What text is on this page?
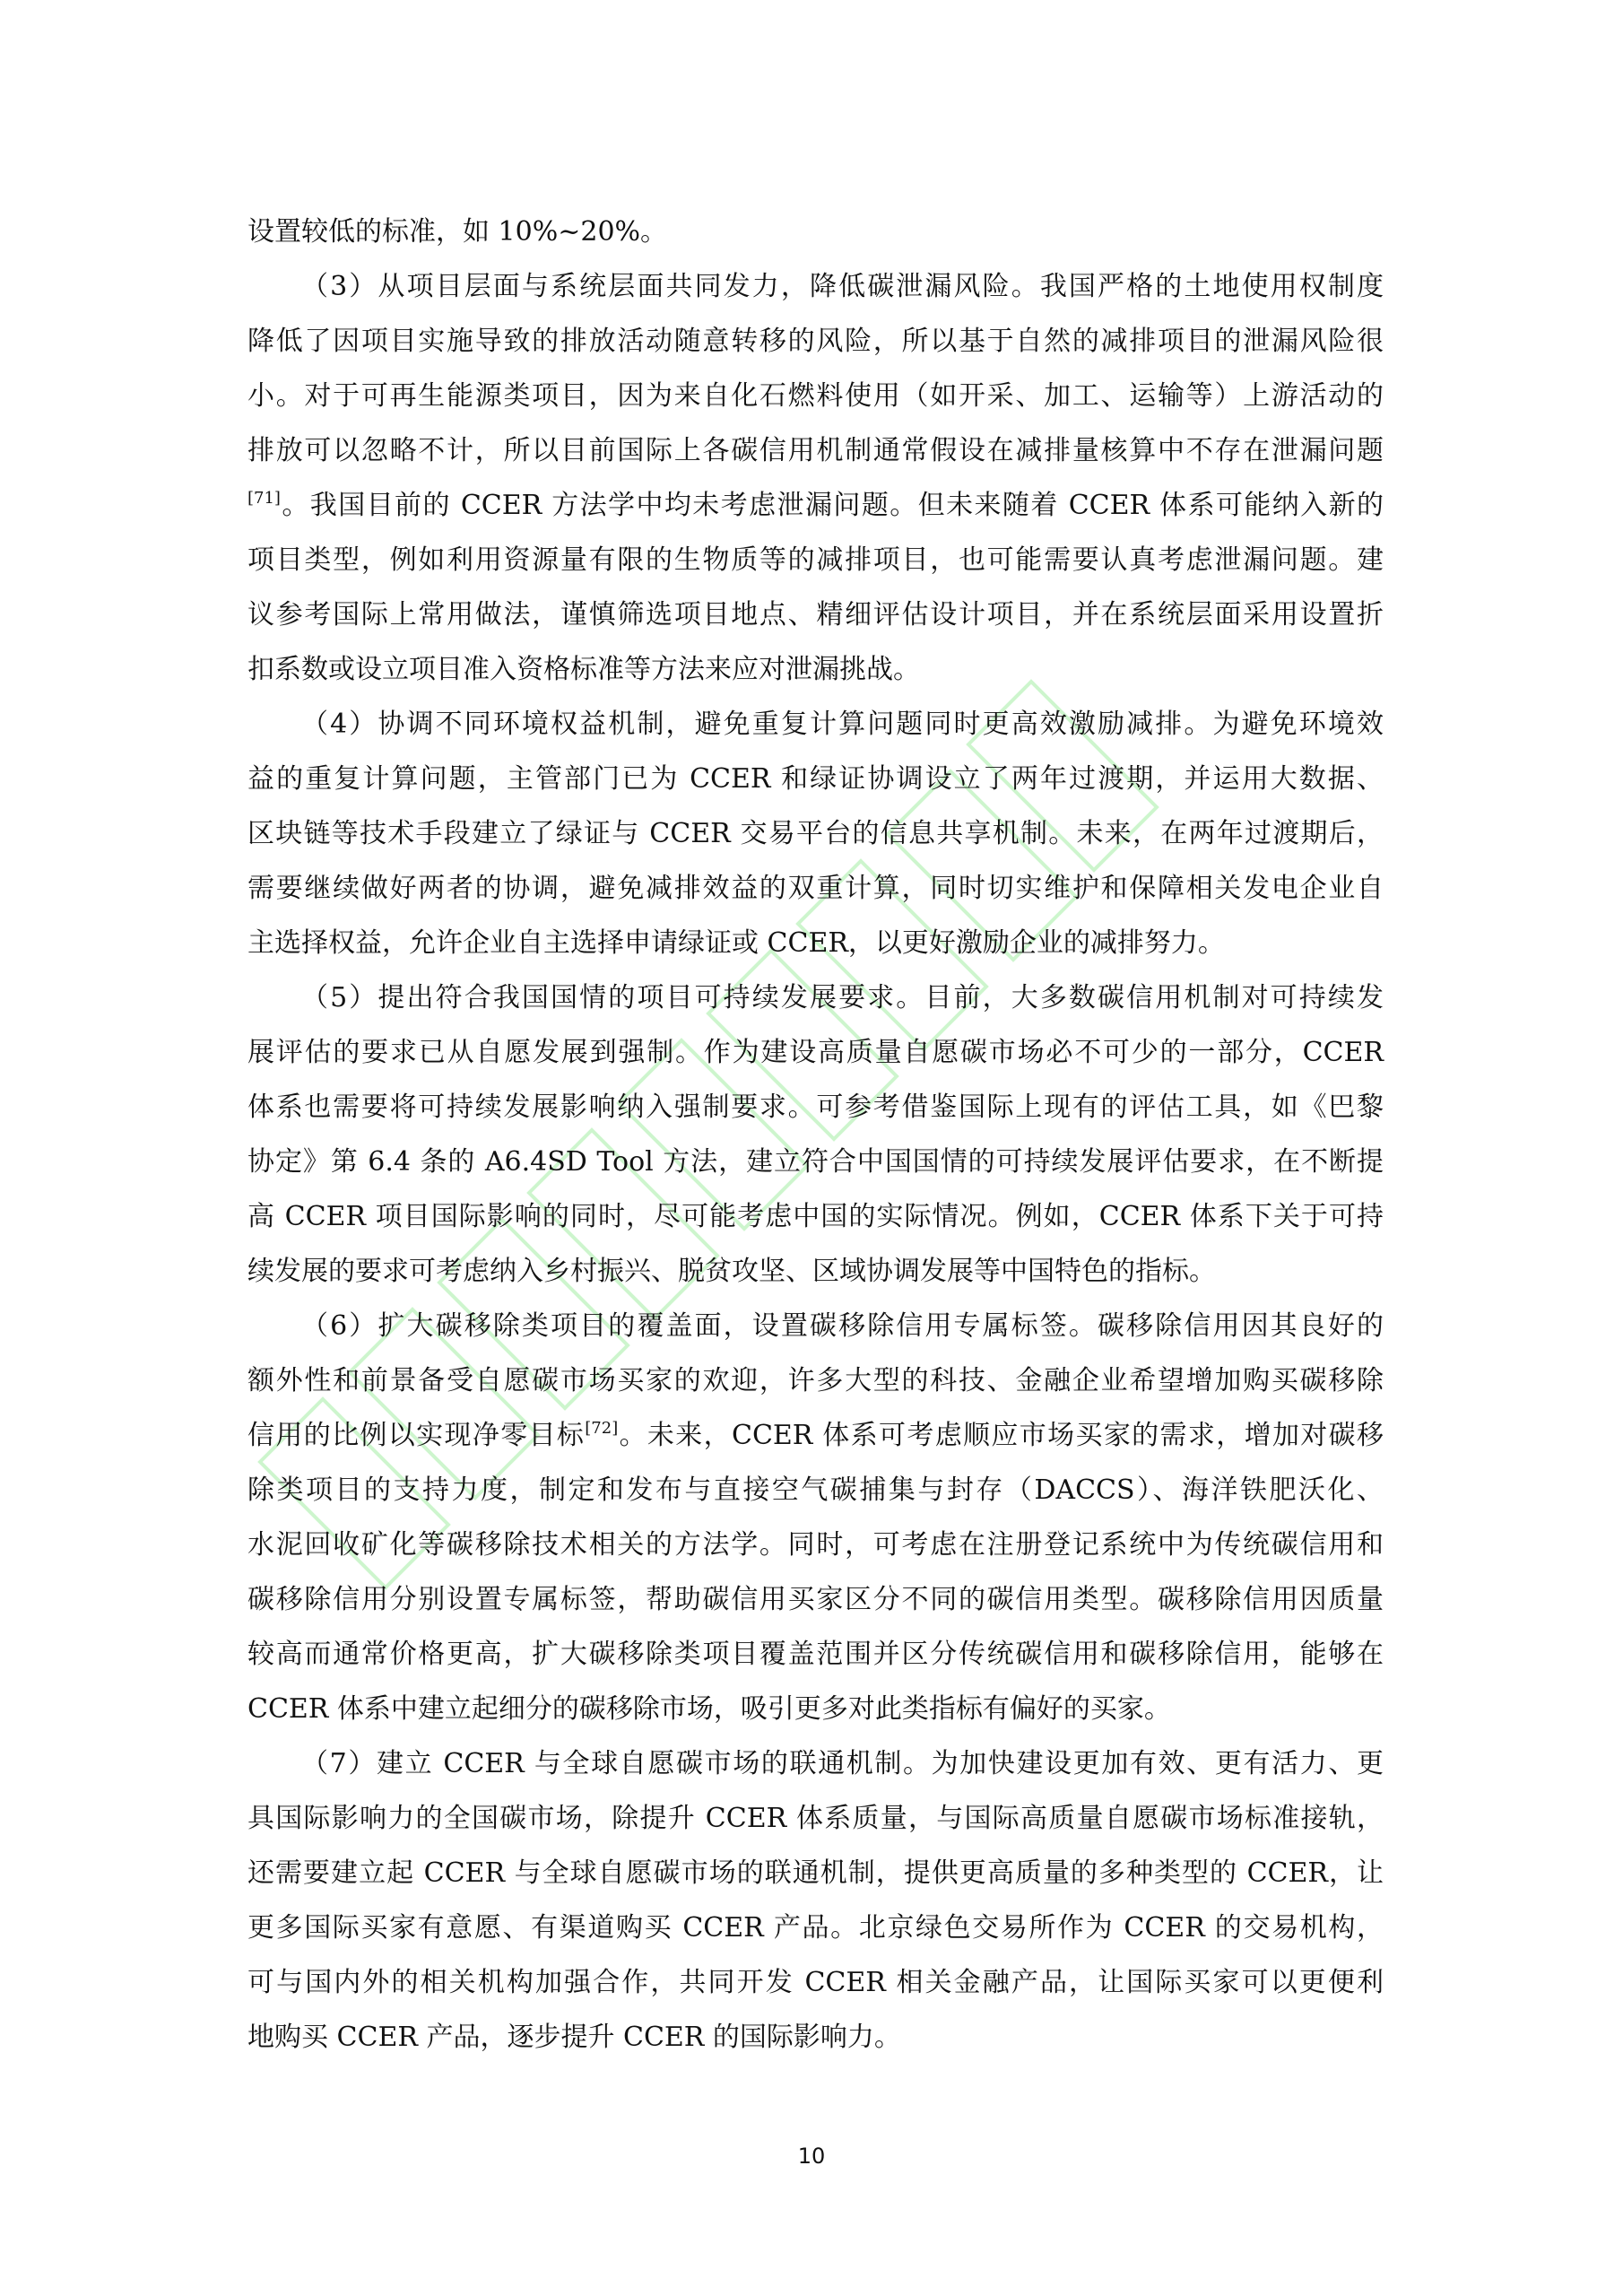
设置较低的标准，如 10%~20%。
（3）从项目层面与系统层面共同发力，降低碳泄漏风险。我国严格的土地使用权制度
降低了因项目实施导致的排放活动随意转移的风险，所以基于自然的减排项目的泄漏风险很
小。对于可再生能源类项目，因为来自化石燃料使用（如开采、加工、运输等）上游活动的
排放可以忽略不计，所以目前国际上各碳信用机制通常假设在减排量核算中不存在泄漏问题
[71]。我国目前的 CCER 方法学中均未考虑泄漏问题。但未来随着 CCER 体系可能纳入新的
项目类型，例如利用资源量有限的生物质等的减排项目，也可能需要认真考虑泄漏问题。建
议参考国际上常用做法，谨慎筛选项目地点、精细评估设计项目，并在系统层面采用设置折
扣系数或设立项目准入资格标准等方法来应对泄漏挑战。
（4）协调不同环境权益机制，避免重复计算问题同时更高效激励减排。为避免环境效
益的重复计算问题，主管部门已为 CCER 和绿证协调设立了两年过渡期，并运用大数据、
区块链等技术手段建立了绿证与 CCER 交易平台的信息共享机制。未来，在两年过渡期后，
需要继续做好两者的协调，避免减排效益的双重计算，同时切实维护和保障相关发电企业自
主选择权益，允许企业自主选择申请绿证或 CCER，以更好激励企业的减排努力。
（5）提出符合我国国情的项目可持续发展要求。目前，大多数碳信用机制对可持续发
展评估的要求已从自愿发展到强制。作为建设高质量自愿碳市场必不可少的一部分，CCER
体系也需要将可持续发展影响纳入强制要求。可参考借鉴国际上现有的评估工具，如《巴黎
协定》第 6.4 条的 A6.4SD Tool 方法，建立符合中国国情的可持续发展评估要求，在不断提
高 CCER 项目国际影响的同时，尽可能考虑中国的实际情况。例如，CCER 体系下关于可持
续发展的要求可考虑纳入乡村振兴、脱贫攻坚、区域协调发展等中国特色的指标。
（6）扩大碳移除类项目的覆盖面，设置碳移除信用专属标签。碳移除信用因其良好的
额外性和前景备受自愿碳市场买家的欢迎，许多大型的科技、金融企业希望增加购买碳移除
信用的比例以实现净零目标[72]。未来，CCER 体系可考虑顺应市场买家的需求，增加对碳移
除类项目的支持力度，制定和发布与直接空气碳捕集与封存（DACCS）、海洋铁肥沃化、
水泥回收矿化等碳移除技术相关的方法学。同时，可考虑在注册登记系统中为传统碳信用和
碳移除信用分别设置专属标签，帮助碳信用买家区分不同的碳信用类型。碳移除信用因质量
较高而通常价格更高，扩大碳移除类项目覆盖范围并区分传统碳信用和碳移除信用，能够在
CCER 体系中建立起细分的碳移除市场，吸引更多对此类指标有偏好的买家。
（7）建立 CCER 与全球自愿碳市场的联通机制。为加快建设更加有效、更有活力、更
具国际影响力的全国碳市场，除提升 CCER 体系质量，与国际高质量自愿碳市场标准接轨，
还需要建立起 CCER 与全球自愿碳市场的联通机制，提供更高质量的多种类型的 CCER，让
更多国际买家有意愿、有渠道购买 CCER 产品。北京绿色交易所作为 CCER 的交易机构，
可与国内外的相关机构加强合作，共同开发 CCER 相关金融产品，让国际买家可以更便利
地购买 CCER 产品，逐步提升 CCER 的国际影响力。
10
